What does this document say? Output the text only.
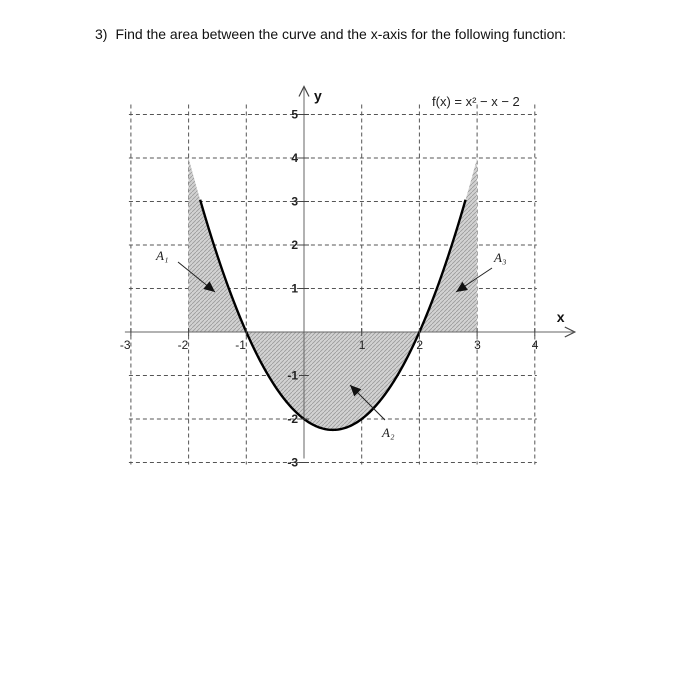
3) Find the area between the curve and the x-axis for the following function:

x
y
-3	-2	-1	1	2	3	4
5
4
3
2
1
-1
-2
-3
f(x) = x² − x − 2
A₁
A₂
A₃
